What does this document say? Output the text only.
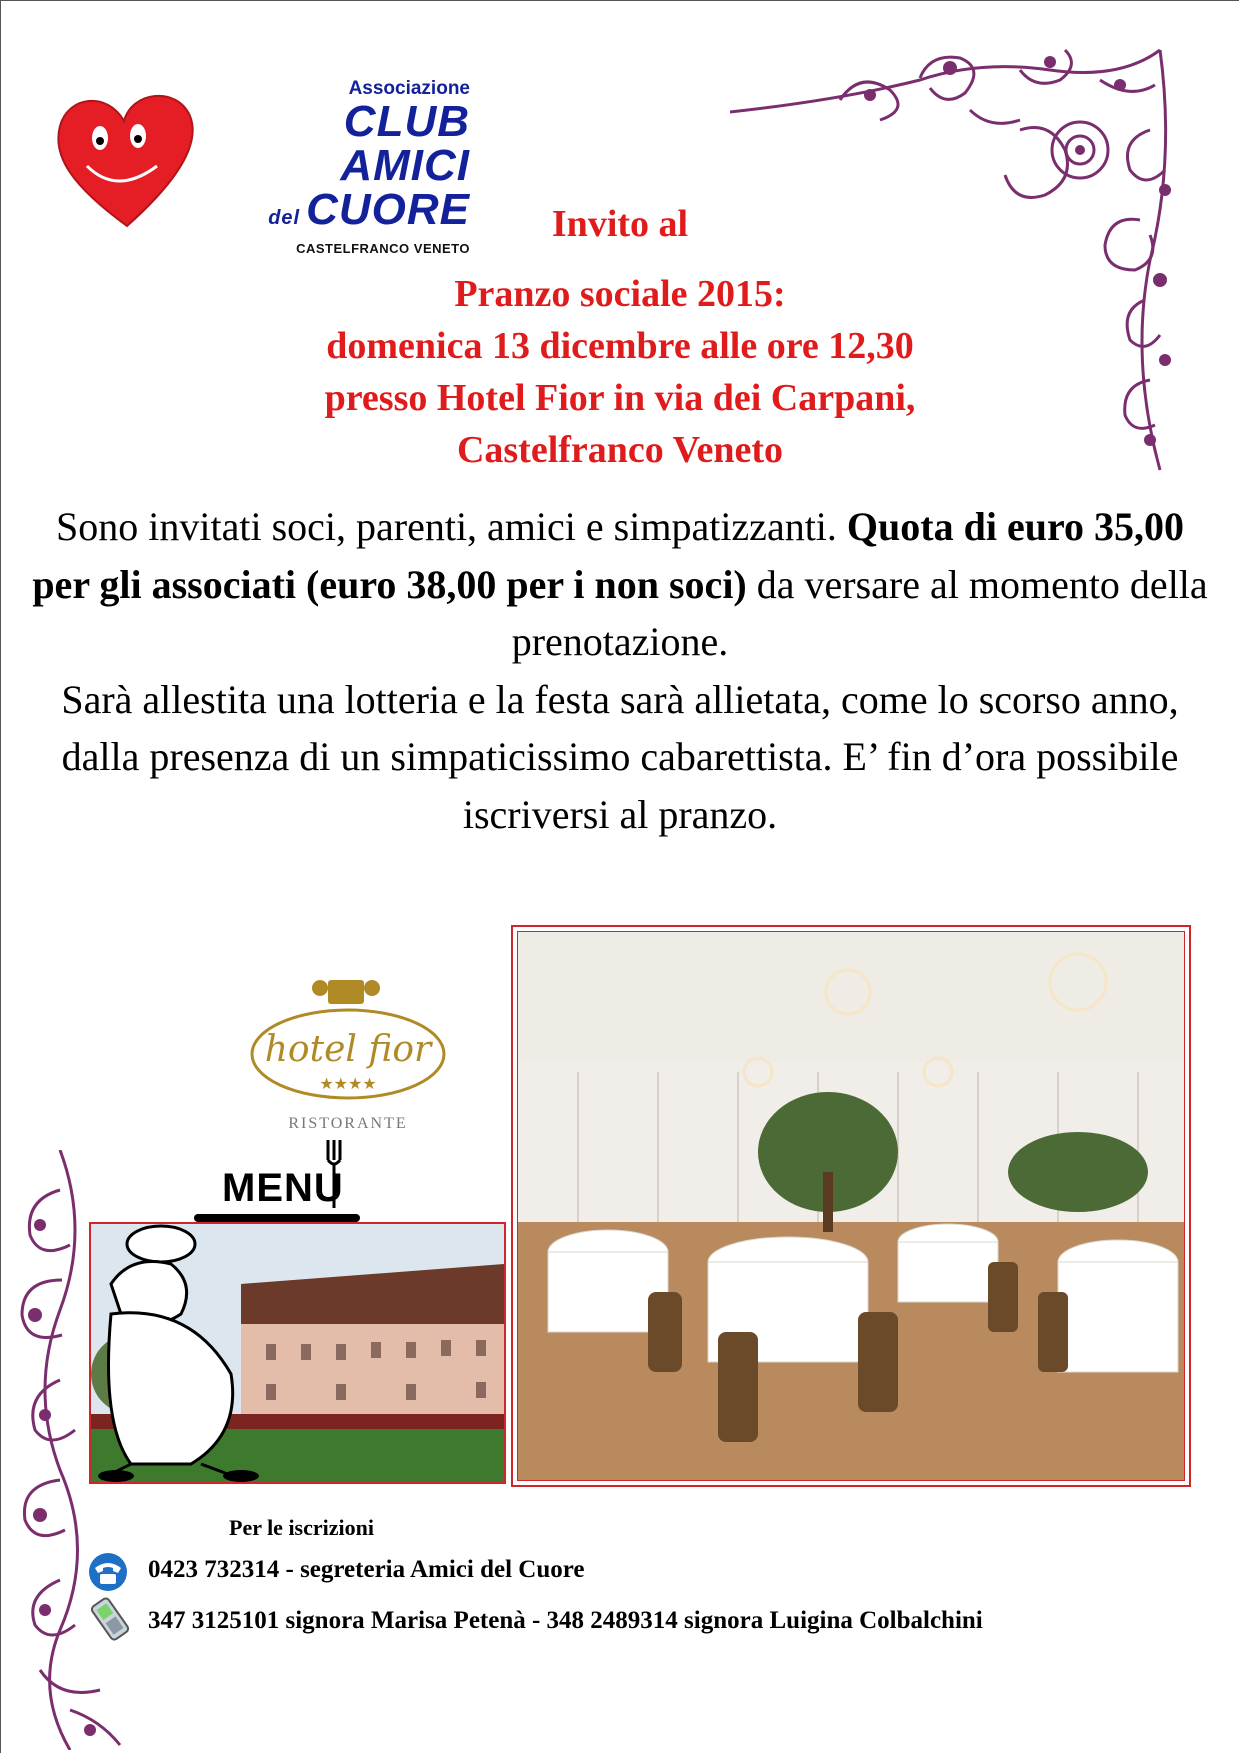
Associazione
CLUB
AMICI
del CUORE
CASTELFRANCO VENETO
Invito al
Pranzo sociale 2015:
domenica 13 dicembre alle ore 12,30
presso Hotel Fior in via dei Carpani,
Castelfranco Veneto
Sono invitati soci, parenti, amici e simpatizzanti. Quota di euro 35,00 per gli associati (euro 38,00 per i non soci) da versare al momento della prenotazione.
Sarà allestita una lotteria e la festa sarà allietata, come lo scorso anno, dalla presenza di un simpaticissimo cabarettista. E’ fin d’ora possibile iscriversi al pranzo.
hotel fior
★★★★
RISTORANTE
MENU
Per le iscrizioni
0423 732314 - segreteria Amici del Cuore
347 3125101 signora Marisa Petenà - 348 2489314 signora Luigina Colbalchini
